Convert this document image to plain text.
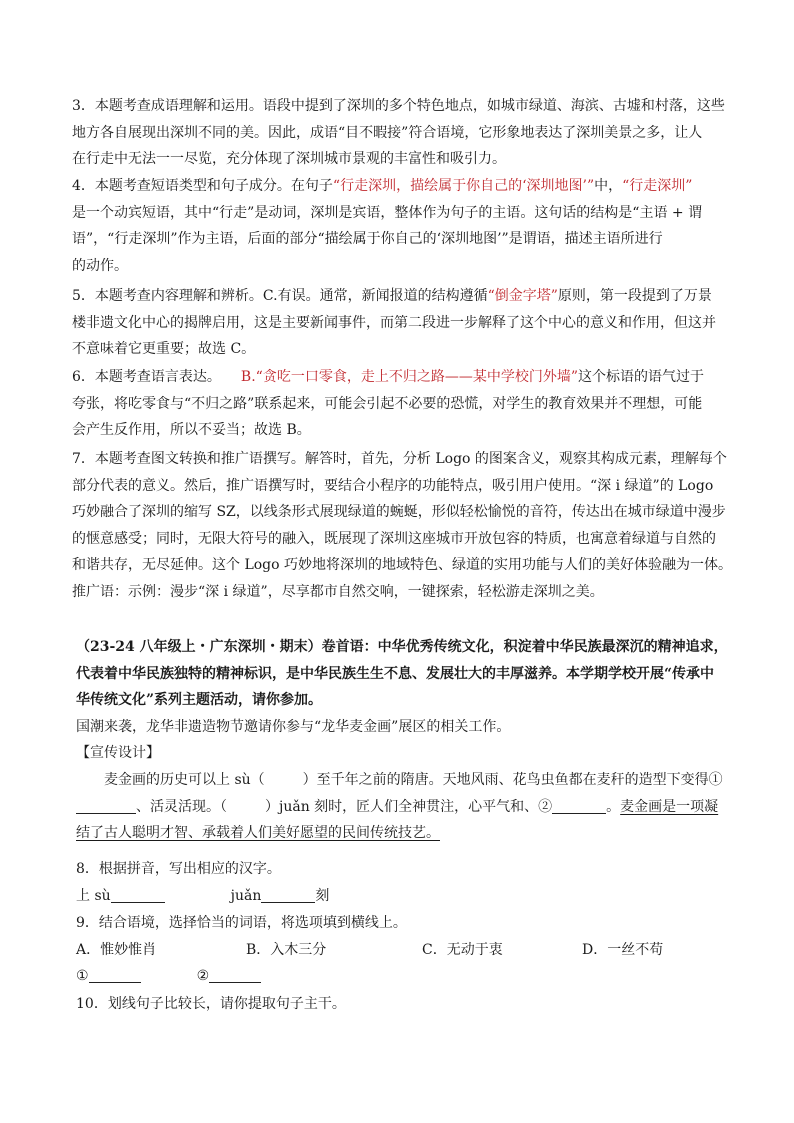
3．本题考查成语理解和运用。语段中提到了深圳的多个特色地点，如城市绿道、海滨、古墟和村落，这些
地方各自展现出深圳不同的美。因此，成语“目不暇接”符合语境，它形象地表达了深圳美景之多，让人
在行走中无法一一尽览，充分体现了深圳城市景观的丰富性和吸引力。
4．本题考查短语类型和句子成分。在句子“行走深圳，描绘属于你自己的‘深圳地图’”中，“行走深圳”
是一个动宾短语，其中“行走”是动词，深圳是宾语，整体作为句子的主语。这句话的结构是“主语 + 谓
语”，“行走深圳”作为主语，后面的部分“描绘属于你自己的‘深圳地图’”是谓语，描述主语所进行
的动作。
5．本题考查内容理解和辨析。C.有误。通常，新闻报道的结构遵循“倒金字塔”原则，第一段提到了万景
楼非遗文化中心的揭牌启用，这是主要新闻事件，而第二段进一步解释了这个中心的意义和作用，但这并
不意味着它更重要；故选 C。
6．本题考查语言表达。 B.“贪吃一口零食，走上不归之路——某中学校门外墙”这个标语的语气过于
夸张，将吃零食与“不归之路”联系起来，可能会引起不必要的恐慌，对学生的教育效果并不理想，可能
会产生反作用，所以不妥当；故选 B。
7．本题考查图文转换和推广语撰写。解答时，首先，分析 Logo 的图案含义，观察其构成元素，理解每个
部分代表的意义。然后，推广语撰写时，要结合小程序的功能特点，吸引用户使用。“深 i 绿道”的 Logo
巧妙融合了深圳的缩写 SZ，以线条形式展现绿道的蜿蜒，形似轻松愉悦的音符，传达出在城市绿道中漫步
的惬意感受；同时，无限大符号的融入，既展现了深圳这座城市开放包容的特质，也寓意着绿道与自然的
和谐共存，无尽延伸。这个 Logo 巧妙地将深圳的地域特色、绿道的实用功能与人们的美好体验融为一体。
推广语：示例：漫步“深 i 绿道”，尽享都市自然交响，一键探索，轻松游走深圳之美。
（23-24 八年级上・广东深圳・期末）卷首语：中华优秀传统文化，积淀着中华民族最深沉的精神追求，
代表着中华民族独特的精神标识，是中华民族生生不息、发展壮大的丰厚滋养。本学期学校开展“传承中
华传统文化”系列主题活动，请你参加。
国潮来袭，龙华非遗造物节邀请你参与“龙华麦金画”展区的相关工作。
【宣传设计】
麦金画的历史可以上 sù（	）至千年之前的隋唐。天地风雨、花鸟虫鱼都在麦秆的造型下变得①
、活灵活现。（	）juǎn 刻时，匠人们全神贯注，心平气和、②	。麦金画是一项凝
结了古人聪明才智、承载着人们美好愿望的民间传统技艺。
8．根据拼音，写出相应的汉字。
上 sù	juǎn	刻
9．结合语境，选择恰当的词语，将选项填到横线上。
A．惟妙惟肖	B．入木三分	C．无动于衷	D．一丝不苟
①	②
10．划线句子比较长，请你提取句子主干。
